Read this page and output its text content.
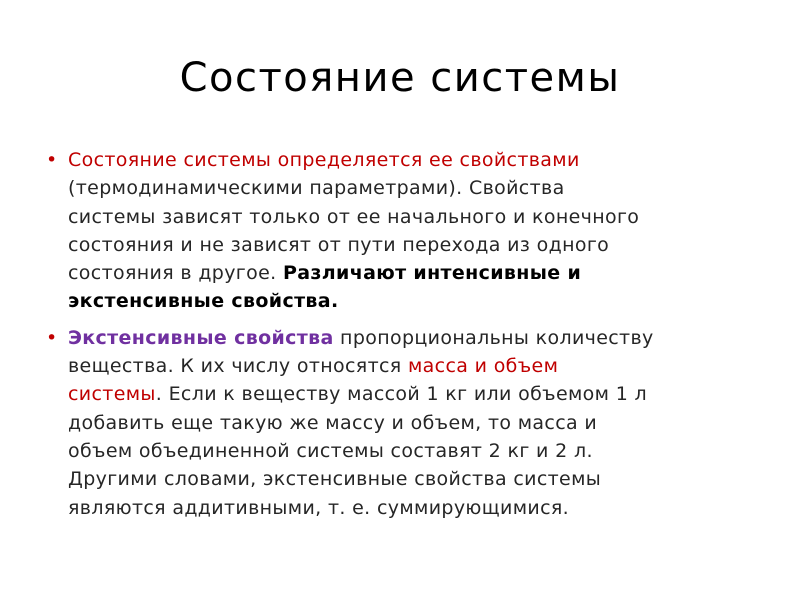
Состояние системы
• Состояние системы определяется ее свойствами
(термодинамическими параметрами). Свойства
системы зависят только от ее начального и конечного
состояния и не зависят от пути перехода из одного
состояния в другое. Различают интенсивные и
экстенсивные свойства.
• Экстенсивные свойства пропорциональны количеству
вещества. К их числу относятся масса и объем
системы. Если к веществу массой 1 кг или объемом 1 л
добавить еще такую же массу и объем, то масса и
объем объединенной системы составят 2 кг и 2 л.
Другими словами, экстенсивные свойства системы
являются аддитивными, т. е. суммирующимися.
